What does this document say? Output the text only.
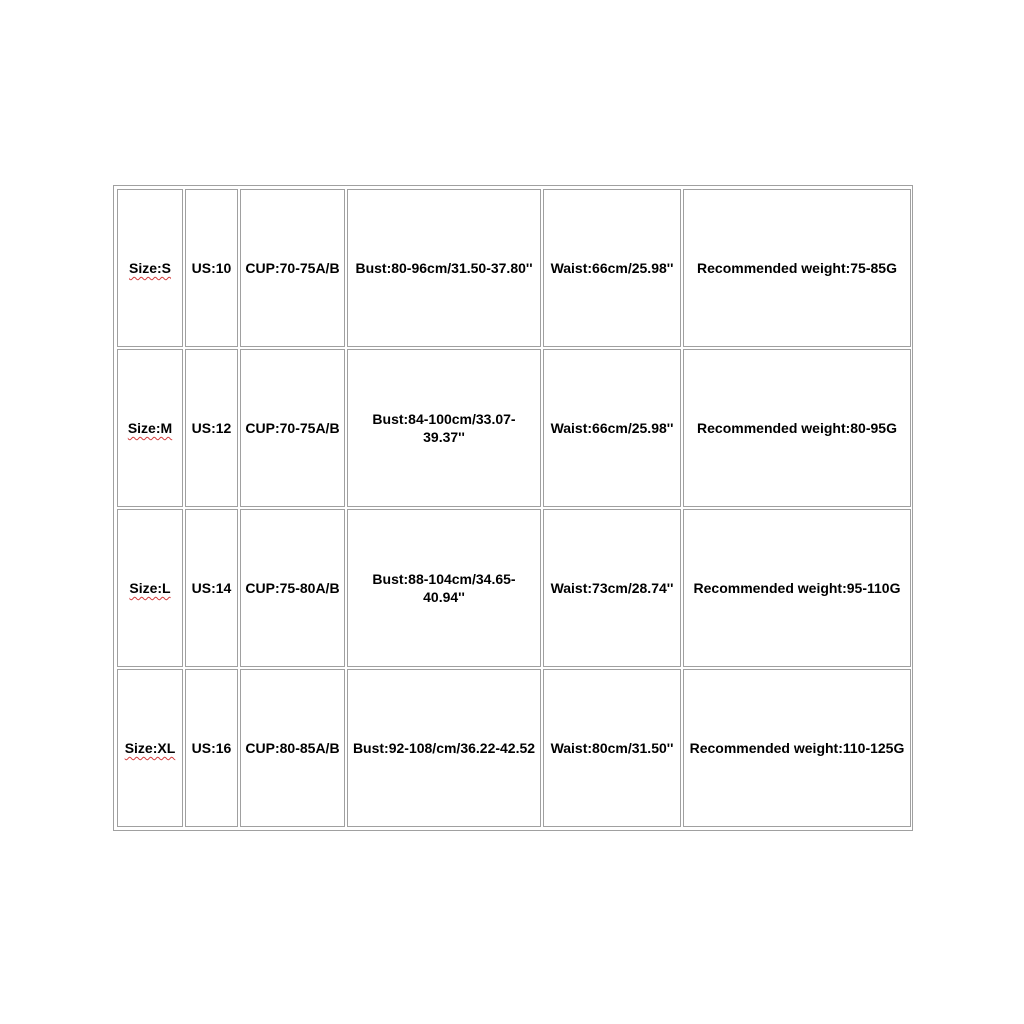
Size:S	US:10	CUP:70-75A/B	Bust:80-96cm/31.50-37.80''	Waist:66cm/25.98''	Recommended weight:75-85G
Size:M	US:12	CUP:70-75A/B	Bust:84-100cm/33.07-39.37''	Waist:66cm/25.98''	Recommended weight:80-95G
Size:L	US:14	CUP:75-80A/B	Bust:88-104cm/34.65-40.94''	Waist:73cm/28.74''	Recommended weight:95-110G
Size:XL	US:16	CUP:80-85A/B	Bust:92-108/cm/36.22-42.52	Waist:80cm/31.50''	Recommended weight:110-125G
